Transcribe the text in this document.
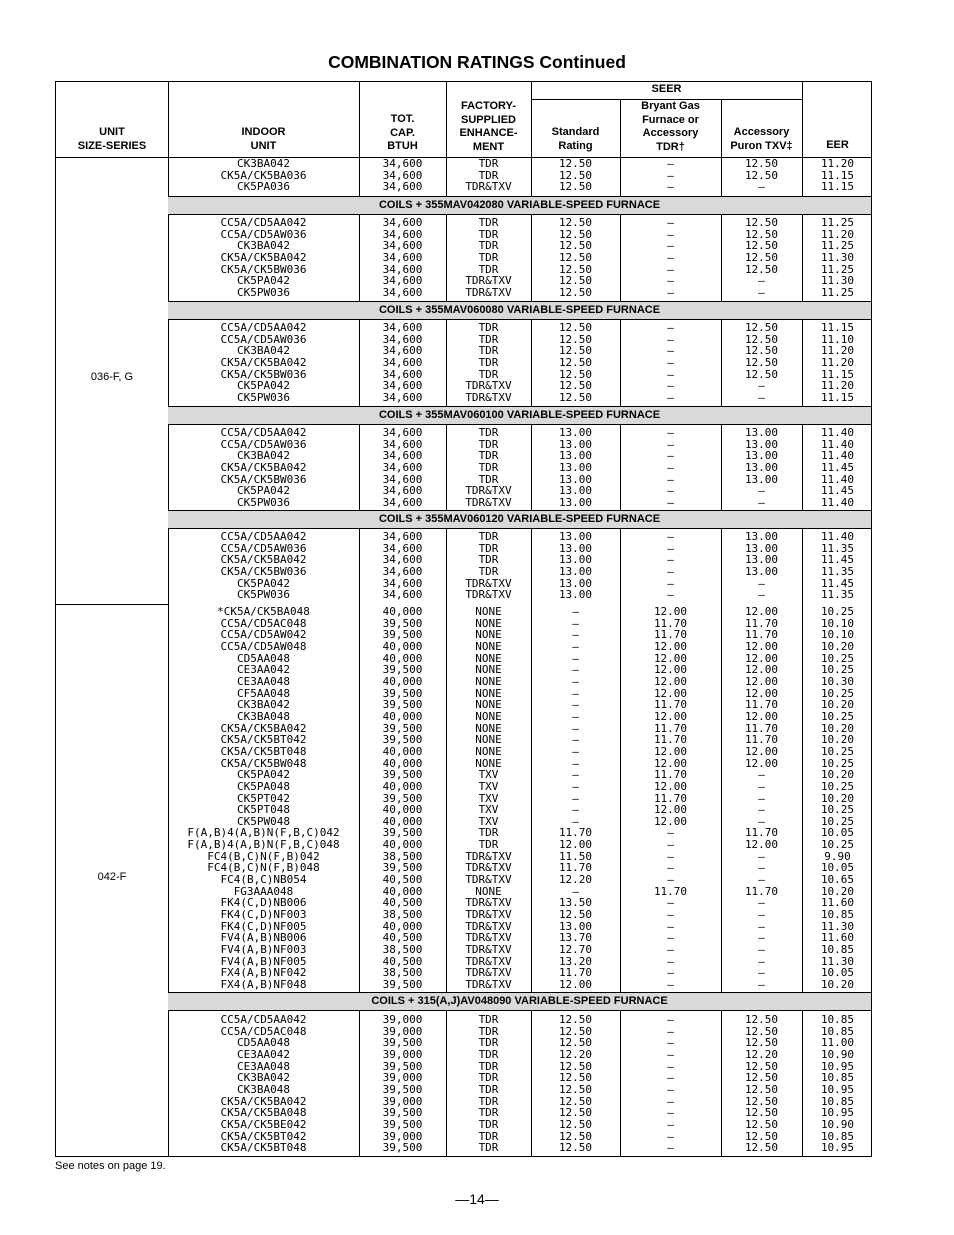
COMBINATION RATINGS Continued
UNIT
SIZE-SERIES
INDOOR
UNIT
TOT.
CAP.
BTUH
FACTORY-
SUPPLIED
ENHANCE-
MENT
SEER
Standard
Rating
Bryant Gas
Furnace or
Accessory
TDR†
Accessory
Puron TXV‡	EER
036-F, G
042-F
COILS + 355MAV042080 VARIABLE-SPEED FURNACE
COILS + 355MAV060080 VARIABLE-SPEED FURNACE
COILS + 355MAV060100 VARIABLE-SPEED FURNACE
COILS + 355MAV060120 VARIABLE-SPEED FURNACE
COILS + 315(A,J)AV048090 VARIABLE-SPEED FURNACE
CK3BA042
CK5A/CK5BA036
CK5PA036
34,600
34,600
34,600
TDR
TDR
TDR&TXV
12.50
12.50
12.50
—
—
—
12.50
12.50
—
11.20
11.15
11.15
CC5A/CD5AA042
CC5A/CD5AW036
CK3BA042
CK5A/CK5BA042
CK5A/CK5BW036
CK5PA042
CK5PW036
34,600
34,600
34,600
34,600
34,600
34,600
34,600
TDR
TDR
TDR
TDR
TDR
TDR&TXV
TDR&TXV
12.50
12.50
12.50
12.50
12.50
12.50
12.50
—
—
—
—
—
—
—
12.50
12.50
12.50
12.50
12.50
—
—
11.25
11.20
11.25
11.30
11.25
11.30
11.25
CC5A/CD5AA042
CC5A/CD5AW036
CK3BA042
CK5A/CK5BA042
CK5A/CK5BW036
CK5PA042
CK5PW036
34,600
34,600
34,600
34,600
34,600
34,600
34,600
TDR
TDR
TDR
TDR
TDR
TDR&TXV
TDR&TXV
12.50
12.50
12.50
12.50
12.50
12.50
12.50
—
—
—
—
—
—
—
12.50
12.50
12.50
12.50
12.50
—
—
11.15
11.10
11.20
11.20
11.15
11.20
11.15
CC5A/CD5AA042
CC5A/CD5AW036
CK3BA042
CK5A/CK5BA042
CK5A/CK5BW036
CK5PA042
CK5PW036
34,600
34,600
34,600
34,600
34,600
34,600
34,600
TDR
TDR
TDR
TDR
TDR
TDR&TXV
TDR&TXV
13.00
13.00
13.00
13.00
13.00
13.00
13.00
—
—
—
—
—
—
—
13.00
13.00
13.00
13.00
13.00
—
—
11.40
11.40
11.40
11.45
11.40
11.45
11.40
CC5A/CD5AA042
CC5A/CD5AW036
CK5A/CK5BA042
CK5A/CK5BW036
CK5PA042
CK5PW036
34,600
34,600
34,600
34,600
34,600
34,600
TDR
TDR
TDR
TDR
TDR&TXV
TDR&TXV
13.00
13.00
13.00
13.00
13.00
13.00
—
—
—
—
—
—
13.00
13.00
13.00
13.00
—
—
11.40
11.35
11.45
11.35
11.45
11.35
*CK5A/CK5BA048
CC5A/CD5AC048
CC5A/CD5AW042
CC5A/CD5AW048
CD5AA048
CE3AA042
CE3AA048
CF5AA048
CK3BA042
CK3BA048
CK5A/CK5BA042
CK5A/CK5BT042
CK5A/CK5BT048
CK5A/CK5BW048
CK5PA042
CK5PA048
CK5PT042
CK5PT048
CK5PW048
F(A,B)4(A,B)N(F,B,C)042
F(A,B)4(A,B)N(F,B,C)048
FC4(B,C)N(F,B)042
FC4(B,C)N(F,B)048
FC4(B,C)NB054
FG3AAA048
FK4(C,D)NB006
FK4(C,D)NF003
FK4(C,D)NF005
FV4(A,B)NB006
FV4(A,B)NF003
FV4(A,B)NF005
FX4(A,B)NF042
FX4(A,B)NF048
40,000
39,500
39,500
40,000
40,000
39,500
40,000
39,500
39,500
40,000
39,500
39,500
40,000
40,000
39,500
40,000
39,500
40,000
40,000
39,500
40,000
38,500
39,500
40,500
40,000
40,500
38,500
40,000
40,500
38,500
40,500
38,500
39,500
NONE
NONE
NONE
NONE
NONE
NONE
NONE
NONE
NONE
NONE
NONE
NONE
NONE
NONE
TXV
TXV
TXV
TXV
TXV
TDR
TDR
TDR&TXV
TDR&TXV
TDR&TXV
NONE
TDR&TXV
TDR&TXV
TDR&TXV
TDR&TXV
TDR&TXV
TDR&TXV
TDR&TXV
TDR&TXV
—
—
—
—
—
—
—
—
—
—
—
—
—
—
—
—
—
—
—
11.70
12.00
11.50
11.70
12.20
—
13.50
12.50
13.00
13.70
12.70
13.20
11.70
12.00
12.00
11.70
11.70
12.00
12.00
12.00
12.00
12.00
11.70
12.00
11.70
11.70
12.00
12.00
11.70
12.00
11.70
12.00
12.00
—
—
—
—
—
11.70
—
—
—
—
—
—
—
—
12.00
11.70
11.70
12.00
12.00
12.00
12.00
12.00
11.70
12.00
11.70
11.70
12.00
12.00
—
—
—
—
—
11.70
12.00
—
—
—
11.70
—
—
—
—
—
—
—
—
10.25
10.10
10.10
10.20
10.25
10.25
10.30
10.25
10.20
10.25
10.20
10.20
10.25
10.25
10.20
10.25
10.20
10.25
10.25
10.05
10.25
9.90
10.05
10.65
10.20
11.60
10.85
11.30
11.60
10.85
11.30
10.05
10.20
CC5A/CD5AA042
CC5A/CD5AC048
CD5AA048
CE3AA042
CE3AA048
CK3BA042
CK3BA048
CK5A/CK5BA042
CK5A/CK5BA048
CK5A/CK5BE042
CK5A/CK5BT042
CK5A/CK5BT048
39,000
39,000
39,500
39,000
39,500
39,000
39,500
39,000
39,500
39,500
39,000
39,500
TDR
TDR
TDR
TDR
TDR
TDR
TDR
TDR
TDR
TDR
TDR
TDR
12.50
12.50
12.50
12.20
12.50
12.50
12.50
12.50
12.50
12.50
12.50
12.50
—
—
—
—
—
—
—
—
—
—
—
—
12.50
12.50
12.50
12.20
12.50
12.50
12.50
12.50
12.50
12.50
12.50
12.50
10.85
10.85
11.00
10.90
10.95
10.85
10.95
10.85
10.95
10.90
10.85
10.95
See notes on page 19.
—14—
